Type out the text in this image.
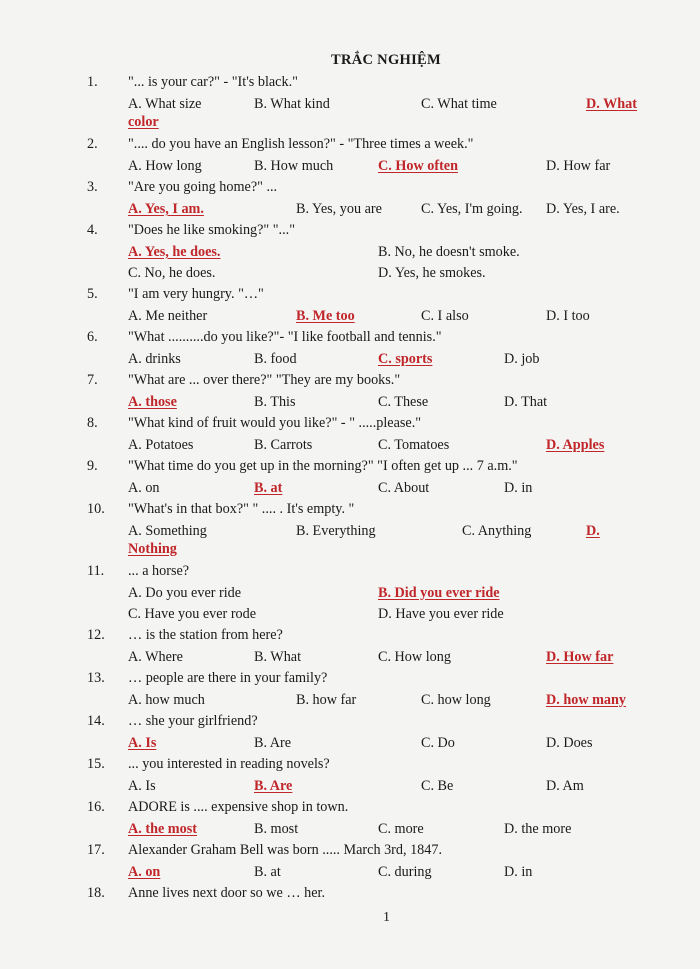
TRẮC NGHIỆM
1. "... is your car?" - "It's black."
A. What size	B. What kind	C. What time	D. What
color
2. ".... do you have an English lesson?" - "Three times a week."
A. How long	B. How much	C. How often	D. How far
3. "Are you going home?" ...
A. Yes, I am.	B. Yes, you are	C. Yes, I'm going. D. Yes, I are.
4. "Does he like smoking?" "..."
A. Yes, he does.	B. No, he doesn't smoke.
C. No, he does.	D. Yes, he smokes.
5. "I am very hungry. "…"
A. Me neither	B. Me too	C. I also	D. I too
6. "What ..........do you like?"- "I like football and tennis."
A. drinks	B. food	C. sports	D. job
7. "What are ... over there?" "They are my books."
A. those	B. This	C. These	D. That
8. "What kind of fruit would you like?" - " .....please."
A. Potatoes	B. Carrots	C. Tomatoes	D. Apples
9. "What time do you get up in the morning?" "I often get up ... 7 a.m."
A. on	B. at	C. About	D. in
10. "What's in that box?" " .... . It's empty. "
A. Something	B. Everything	C. Anything	D.
Nothing
11. ... a horse?
A. Do you ever ride	B. Did you ever ride
C. Have you ever rode	D. Have you ever ride
12. … is the station from here?
A. Where	B. What	C. How long	D. How far
13. … people are there in your family?
A. how much	B. how far	C. how long	D. how many
14. … she your girlfriend?
A. Is	B. Are	C. Do	D. Does
15. ... you interested in reading novels?
A. Is	B. Are	C. Be	D. Am
16. ADORE is .... expensive shop in town.
A. the most	B. most	C. more	D. the more
17. Alexander Graham Bell was born ..... March 3rd, 1847.
A. on	B. at	C. during	D. in
18. Anne lives next door so we … her.
1
